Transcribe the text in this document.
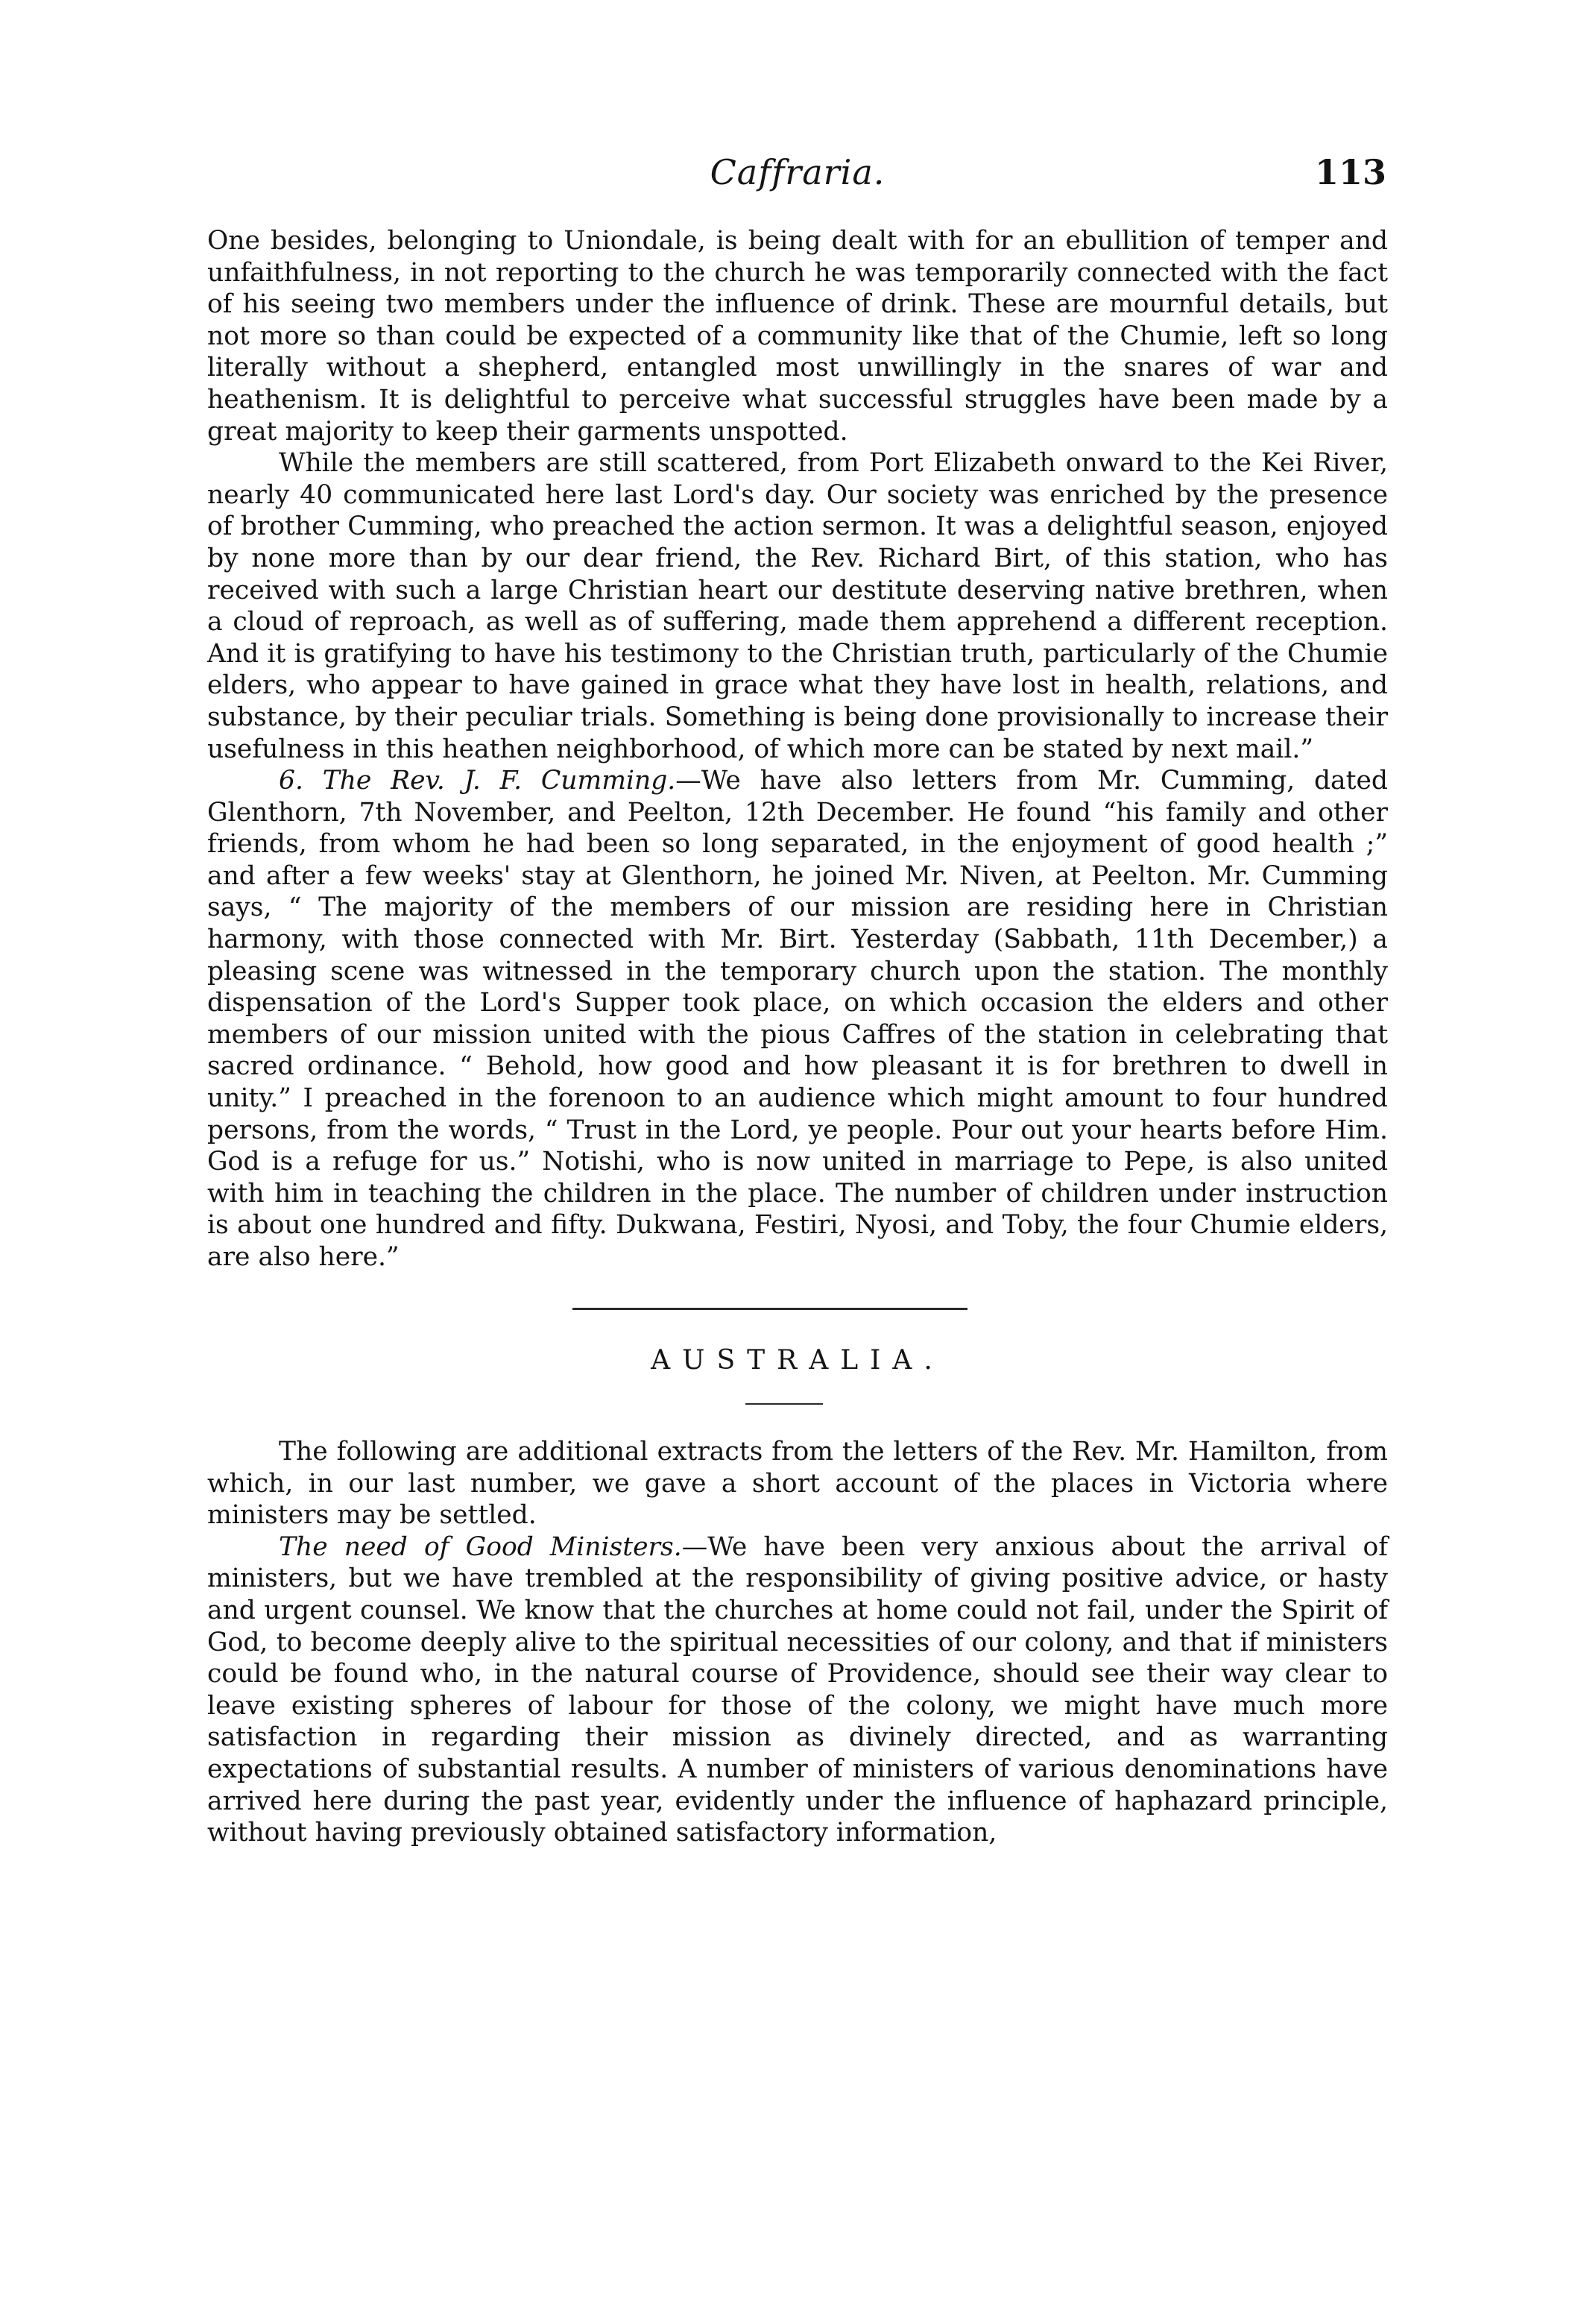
Caffraria.	113

One besides, belonging to Uniondale, is being dealt with for an ebullition of temper and unfaithfulness, in not reporting to the church he was temporarily connected with the fact of his seeing two members under the influence of drink. These are mournful details, but not more so than could be expected of a community like that of the Chumie, left so long literally without a shepherd, entangled most unwillingly in the snares of war and heathenism. It is delightful to perceive what successful struggles have been made by a great majority to keep their garments unspotted.

While the members are still scattered, from Port Elizabeth onward to the Kei River, nearly 40 communicated here last Lord's day. Our society was enriched by the presence of brother Cumming, who preached the action sermon. It was a delightful season, enjoyed by none more than by our dear friend, the Rev. Richard Birt, of this station, who has received with such a large Christian heart our destitute deserving native brethren, when a cloud of reproach, as well as of suffering, made them apprehend a different reception. And it is gratifying to have his testimony to the Christian truth, particularly of the Chumie elders, who appear to have gained in grace what they have lost in health, relations, and substance, by their peculiar trials. Something is being done provisionally to increase their usefulness in this heathen neighborhood, of which more can be stated by next mail.”

6. The Rev. J. F. Cumming.—We have also letters from Mr. Cumming, dated Glenthorn, 7th November, and Peelton, 12th December. He found “his family and other friends, from whom he had been so long separated, in the enjoyment of good health ;” and after a few weeks' stay at Glenthorn, he joined Mr. Niven, at Peelton. Mr. Cumming says, “ The majority of the members of our mission are residing here in Christian harmony, with those connected with Mr. Birt. Yesterday (Sabbath, 11th December,) a pleasing scene was witnessed in the temporary church upon the station. The monthly dispensation of the Lord's Supper took place, on which occasion the elders and other members of our mission united with the pious Caffres of the station in celebrating that sacred ordinance. “ Behold, how good and how pleasant it is for brethren to dwell in unity.” I preached in the forenoon to an audience which might amount to four hundred persons, from the words, “ Trust in the Lord, ye people. Pour out your hearts before Him. God is a refuge for us.” Notishi, who is now united in marriage to Pepe, is also united with him in teaching the children in the place. The number of children under instruction is about one hundred and fifty. Dukwana, Festiri, Nyosi, and Toby, the four Chumie elders, are also here.”

AUSTRALIA.

The following are additional extracts from the letters of the Rev. Mr. Hamilton, from which, in our last number, we gave a short account of the places in Victoria where ministers may be settled.

The need of Good Ministers.—We have been very anxious about the arrival of ministers, but we have trembled at the responsibility of giving positive advice, or hasty and urgent counsel. We know that the churches at home could not fail, under the Spirit of God, to become deeply alive to the spiritual necessities of our colony, and that if ministers could be found who, in the natural course of Providence, should see their way clear to leave existing spheres of labour for those of the colony, we might have much more satisfaction in regarding their mission as divinely directed, and as warranting expectations of substantial results. A number of ministers of various denominations have arrived here during the past year, evidently under the influence of haphazard principle, without having previously obtained satisfactory information,
